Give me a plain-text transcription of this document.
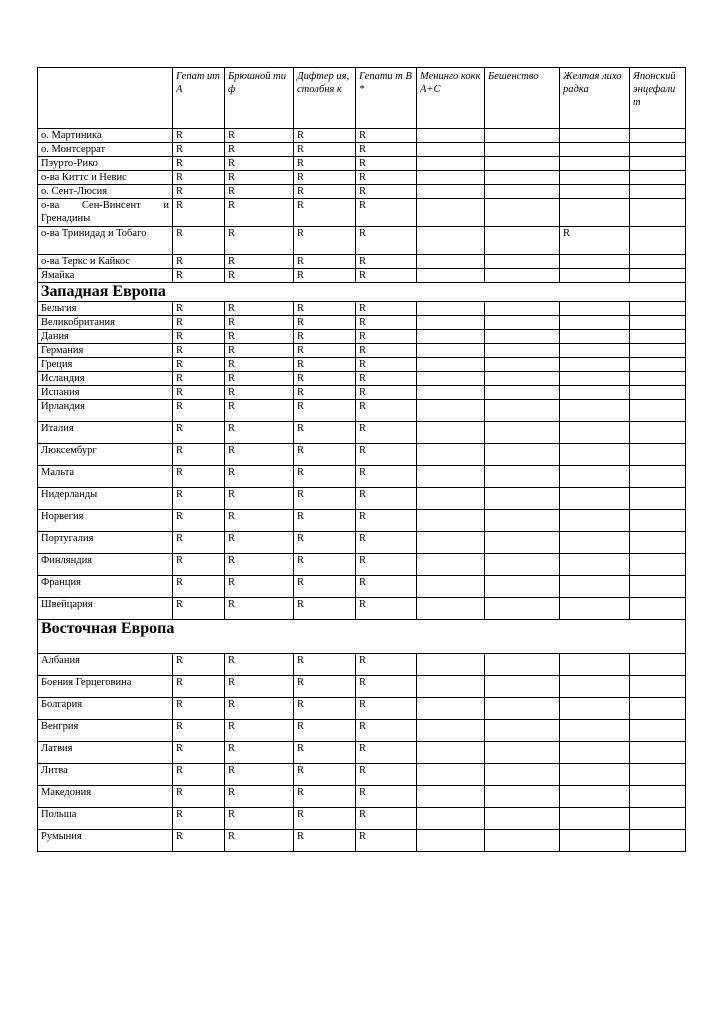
	Гепат ит А	Брюшной тиф	Дифтер ия, столбня к	Гепати т В*	Менинго кокк А+С	Бешенство	Желтая лихорадка	Японский энцефалит
о. Мартиника	R	R	R	R				
о. Монтсеррат	R	R	R	R				
Пэурто-Рико	R	R	R	R				
о-ва Киттс и Невис	R	R	R	R				
о. Сент-Люсия	R	R	R	R				
о-ва Сен-Винсент и Гренадины	R	R	R	R				
о-ва Тринидад и Тобаго	R	R	R	R			R	
о-ва Теркс и Кайкос	R	R	R	R				
Ямайка	R	R	R	R				
Западная Европа								
Бельгия	R	R	R	R				
Великобритания	R	R	R	R				
Дания	R	R	R	R				
Германия	R	R	R	R				
Греция	R	R	R	R				
Исландия	R	R	R	R				
Испания	R	R	R	R				
Ирландия	R	R	R	R				
Италия	R	R	R	R				
Люксембург	R	R	R	R				
Мальта	R	R	R	R				
Нидерланды	R	R	R	R				
Норвегия	R	R	R	R				
Португалия	R	R	R	R				
Финляндия	R	R	R	R				
Франция	R	R	R	R				
Швейцария	R	R	R	R				
Восточная Европа								
Албания	R	R	R	R				
Боения Герцеговина	R	R	R	R				
Болгария	R	R	R	R				
Венгрия	R	R	R	R				
Латвия	R	R	R	R				
Литва	R	R	R	R				
Македония	R	R	R	R				
Польша	R	R	R	R				
Румыния	R	R	R	R				
